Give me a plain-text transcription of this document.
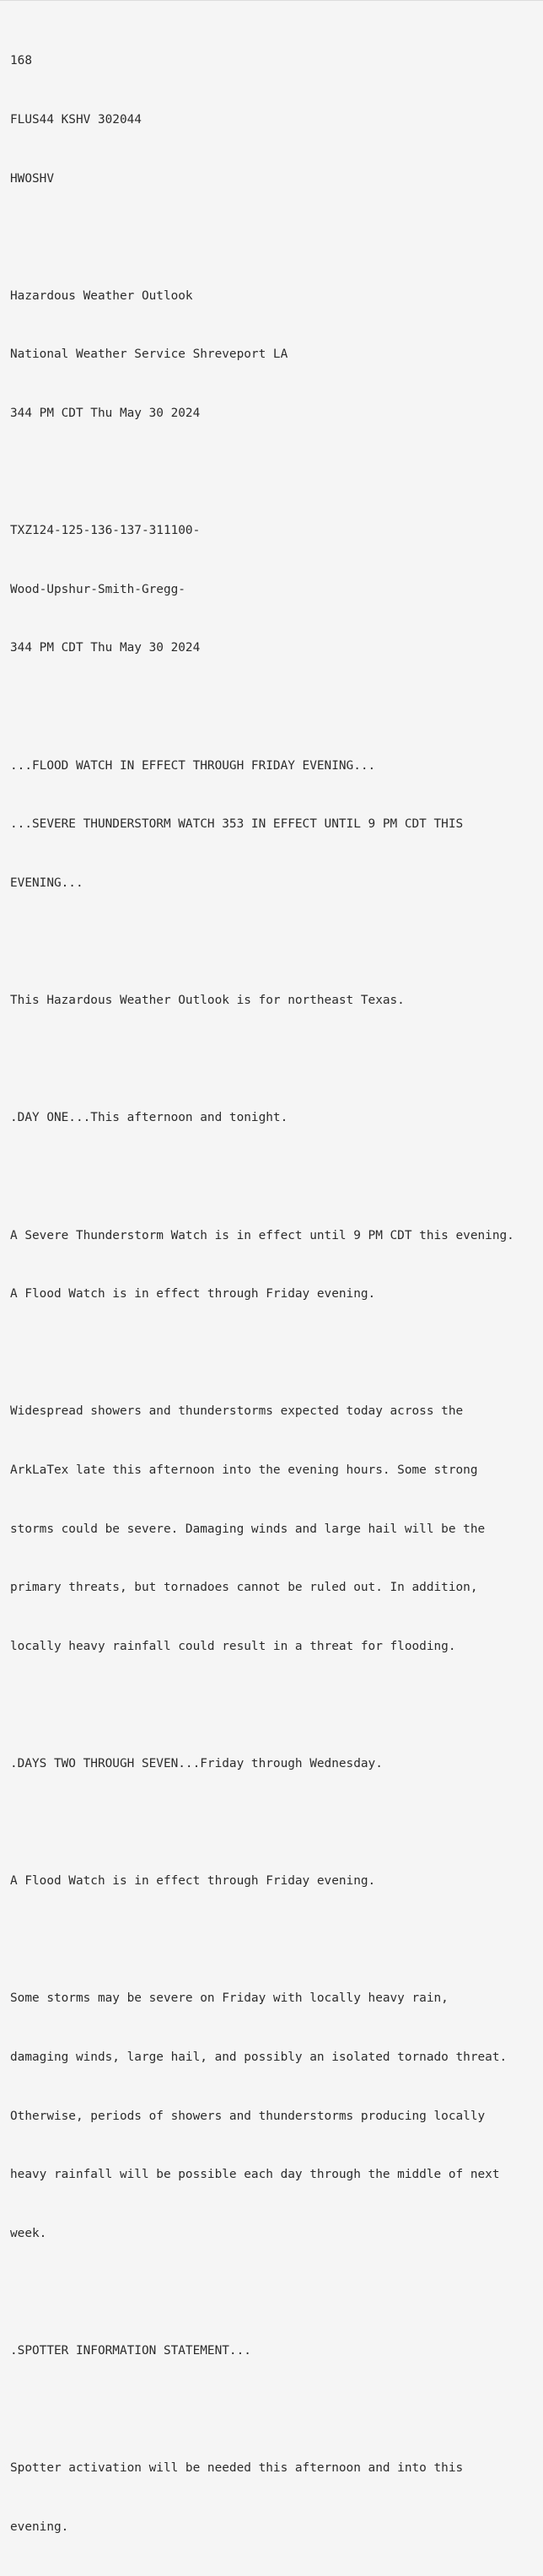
168

FLUS44 KSHV 302044

HWOSHV

Hazardous Weather Outlook

National Weather Service Shreveport LA

344 PM CDT Thu May 30 2024

TXZ124-125-136-137-311100-

Wood-Upshur-Smith-Gregg-

344 PM CDT Thu May 30 2024

...FLOOD WATCH IN EFFECT THROUGH FRIDAY EVENING...

...SEVERE THUNDERSTORM WATCH 353 IN EFFECT UNTIL 9 PM CDT THIS

EVENING...

This Hazardous Weather Outlook is for northeast Texas.

.DAY ONE...This afternoon and tonight.

A Severe Thunderstorm Watch is in effect until 9 PM CDT this evening.

A Flood Watch is in effect through Friday evening.

Widespread showers and thunderstorms expected today across the

ArkLaTex late this afternoon into the evening hours. Some strong

storms could be severe. Damaging winds and large hail will be the

primary threats, but tornadoes cannot be ruled out. In addition,

locally heavy rainfall could result in a threat for flooding.

.DAYS TWO THROUGH SEVEN...Friday through Wednesday.

A Flood Watch is in effect through Friday evening.

Some storms may be severe on Friday with locally heavy rain,

damaging winds, large hail, and possibly an isolated tornado threat.

Otherwise, periods of showers and thunderstorms producing locally

heavy rainfall will be possible each day through the middle of next

week.

.SPOTTER INFORMATION STATEMENT...

Spotter activation will be needed this afternoon and into this

evening.
